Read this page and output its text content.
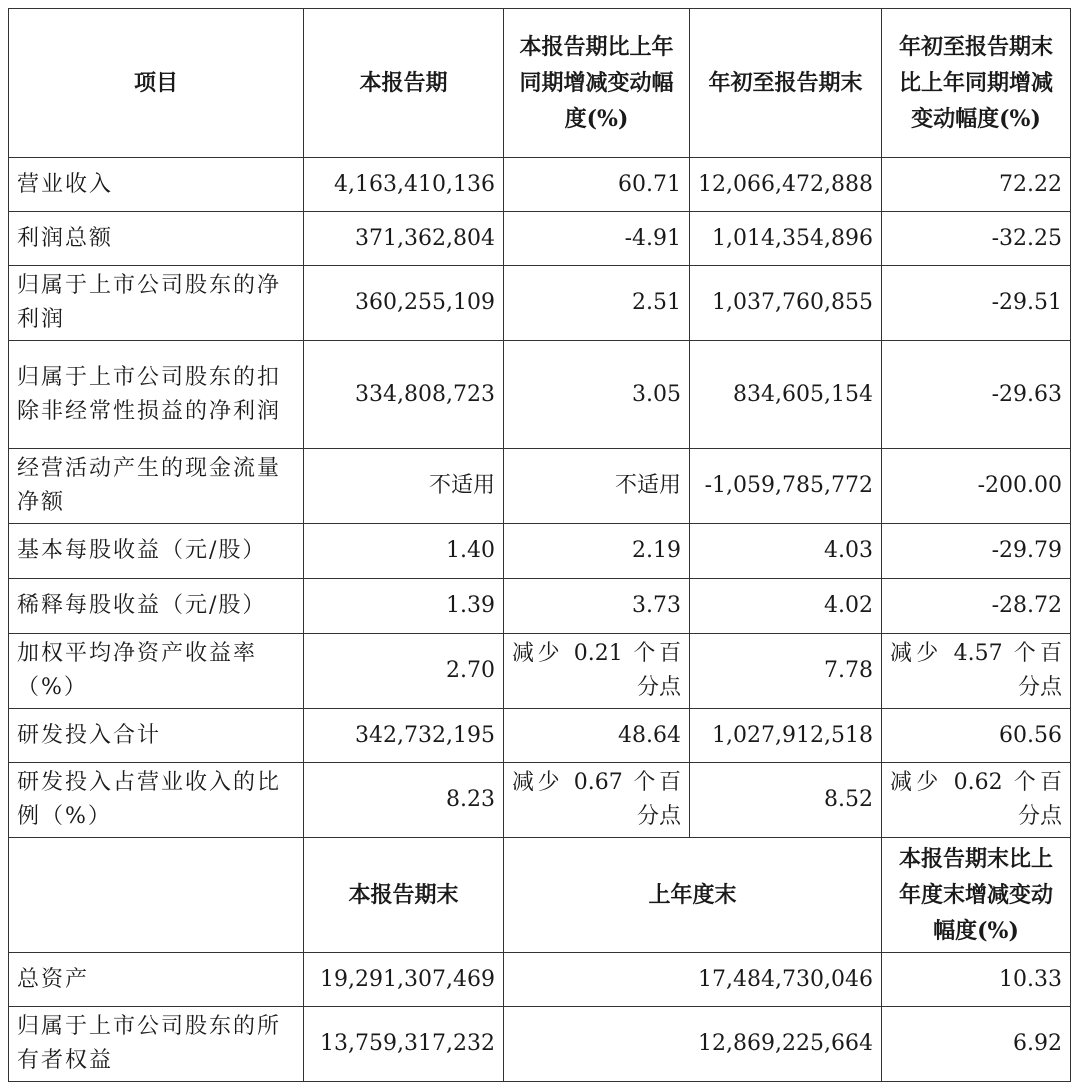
项目	本报告期	本报告期比上年同期增减变动幅度(%)	年初至报告期末	年初至报告期末比上年同期增减变动幅度(%)
营业收入	4,163,410,136	60.71	12,066,472,888	72.22
利润总额	371,362,804	-4.91	1,014,354,896	-32.25
归属于上市公司股东的净利润	360,255,109	2.51	1,037,760,855	-29.51
归属于上市公司股东的扣除非经常性损益的净利润	334,808,723	3.05	834,605,154	-29.63
经营活动产生的现金流量净额	不适用	不适用	-1,059,785,772	-200.00
基本每股收益（元/股）	1.40	2.19	4.03	-29.79
稀释每股收益（元/股）	1.39	3.73	4.02	-28.72
加权平均净资产收益率（%）	2.70	减少 0.21 个百分点	7.78	减少 4.57 个百分点
研发投入合计	342,732,195	48.64	1,027,912,518	60.56
研发投入占营业收入的比例（%）	8.23	减少 0.67 个百分点	8.52	减少 0.62 个百分点
	本报告期末	上年度末		本报告期末比上年度末增减变动幅度(%)
总资产	19,291,307,469	17,484,730,046		10.33
归属于上市公司股东的所有者权益	13,759,317,232	12,869,225,664		6.92
